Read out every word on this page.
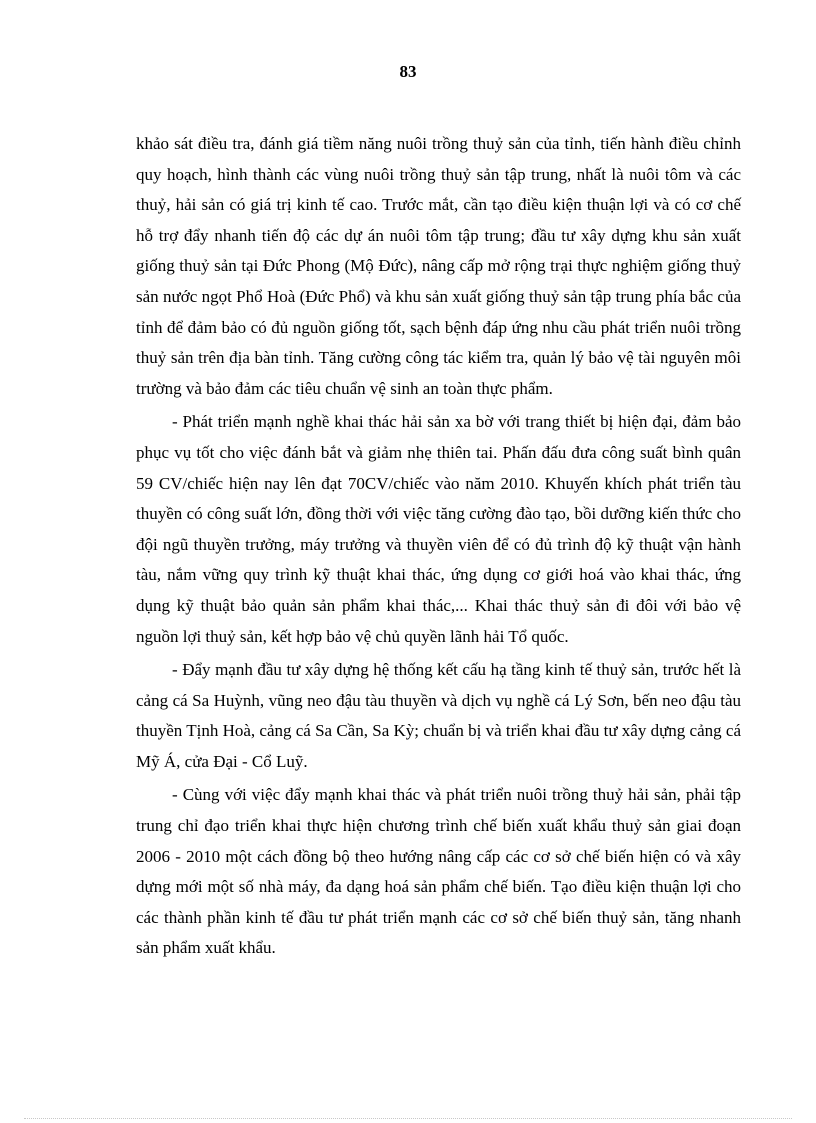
83

khảo sát điều tra, đánh giá tiềm năng nuôi trồng thuỷ sản của tỉnh, tiến hành điều chỉnh quy hoạch, hình thành các vùng nuôi trồng thuỷ sản tập trung, nhất là nuôi tôm và các thuỷ, hải sản có giá trị kinh tế cao. Trước mắt, cần tạo điều kiện thuận lợi và có cơ chế hỗ trợ đẩy nhanh tiến độ các dự án nuôi tôm tập trung; đầu tư xây dựng khu sản xuất giống thuỷ sản tại Đức Phong (Mộ Đức), nâng cấp mở rộng trại thực nghiệm giống thuỷ sản nước ngọt Phổ Hoà (Đức Phổ) và khu sản xuất giống thuỷ sản tập trung phía bắc của tỉnh để đảm bảo có đủ nguồn giống tốt, sạch bệnh đáp ứng nhu cầu phát triển nuôi trồng thuỷ sản trên địa bàn tỉnh. Tăng cường công tác kiểm tra, quản lý bảo vệ tài nguyên môi trường và bảo đảm các tiêu chuẩn vệ sinh an toàn thực phẩm.

- Phát triển mạnh nghề khai thác hải sản xa bờ với trang thiết bị hiện đại, đảm bảo phục vụ tốt cho việc đánh bắt và giảm nhẹ thiên tai. Phấn đấu đưa công suất bình quân 59 CV/chiếc hiện nay lên đạt 70CV/chiếc vào năm 2010. Khuyến khích phát triển tàu thuyền có công suất lớn, đồng thời với việc tăng cường đào tạo, bồi dưỡng kiến thức cho đội ngũ thuyền trưởng, máy trưởng và thuyền viên để có đủ trình độ kỹ thuật vận hành tàu, nắm vững quy trình kỹ thuật khai thác, ứng dụng cơ giới hoá vào khai thác, ứng dụng kỹ thuật bảo quản sản phẩm khai thác,... Khai thác thuỷ sản đi đôi với bảo vệ nguồn lợi thuỷ sản, kết hợp bảo vệ chủ quyền lãnh hải Tổ quốc.

- Đẩy mạnh đầu tư xây dựng hệ thống kết cấu hạ tầng kinh tế thuỷ sản, trước hết là cảng cá Sa Huỳnh, vũng neo đậu tàu thuyền và dịch vụ nghề cá Lý Sơn, bến neo đậu tàu thuyền Tịnh Hoà, cảng cá Sa Cần, Sa Kỳ; chuẩn bị và triển khai đầu tư xây dựng cảng cá Mỹ Á, cửa Đại - Cổ Luỹ.

- Cùng với việc đẩy mạnh khai thác và phát triển nuôi trồng thuỷ hải sản, phải tập trung chỉ đạo triển khai thực hiện chương trình chế biến xuất khẩu thuỷ sản giai đoạn 2006 - 2010 một cách đồng bộ theo hướng nâng cấp các cơ sở chế biến hiện có và xây dựng mới một số nhà máy, đa dạng hoá sản phẩm chế biến. Tạo điều kiện thuận lợi cho các thành phần kinh tế đầu tư phát triển mạnh các cơ sở chế biến thuỷ sản, tăng nhanh sản phẩm xuất khẩu.
